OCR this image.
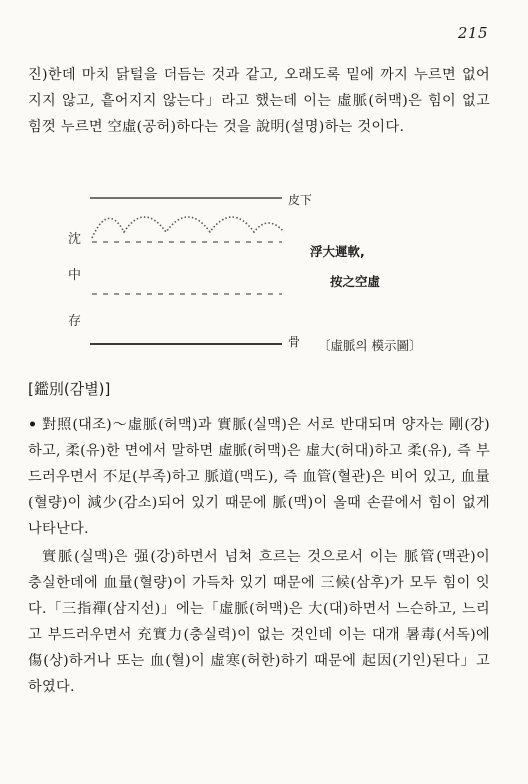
215

진)한데 마치 닭털을 더듬는 것과 같고, 오래도록 밑에 까지 누르면 없어지지 않고, 흩어지지 않는다」라고 했는데 이는 虛脈(허맥)은 힘이 없고 힘껏 누르면 空虛(공허)하다는 것을 說明(설명)하는 것이다.

沈
中
存
皮下
骨
浮大遲軟,
按之空虛
〔虛脈의 模示圖〕
[鑑別(감별)]

• 對照(대조)～虛脈(허맥)과 實脈(실맥)은 서로 반대되며 양자는 剛(강)하고, 柔(유)한 면에서 말하면 虛脈(허맥)은 虛大(허대)하고 柔(유), 즉 부드러우면서 不足(부족)하고 脈道(맥도), 즉 血管(혈관)은 비어 있고, 血量(혈량)이 減少(감소)되어 있기 때문에 脈(맥)이 올때 손끝에서 힘이 없게 나타난다.

實脈(실맥)은 强(강)하면서 넘쳐 흐르는 것으로서 이는 脈管(맥관)이 충실한데에 血量(혈량)이 가득차 있기 때문에 三候(삼후)가 모두 힘이 잇다.「三指禪(삼지선)」에는「虛脈(허맥)은 大(대)하면서 느슨하고, 느리고 부드러우면서 充實力(충실력)이 없는 것인데 이는 대개 暑毒(서독)에 傷(상)하거나 또는 血(혈)이 虛寒(허한)하기 때문에 起因(기인)된다」고 하였다.
